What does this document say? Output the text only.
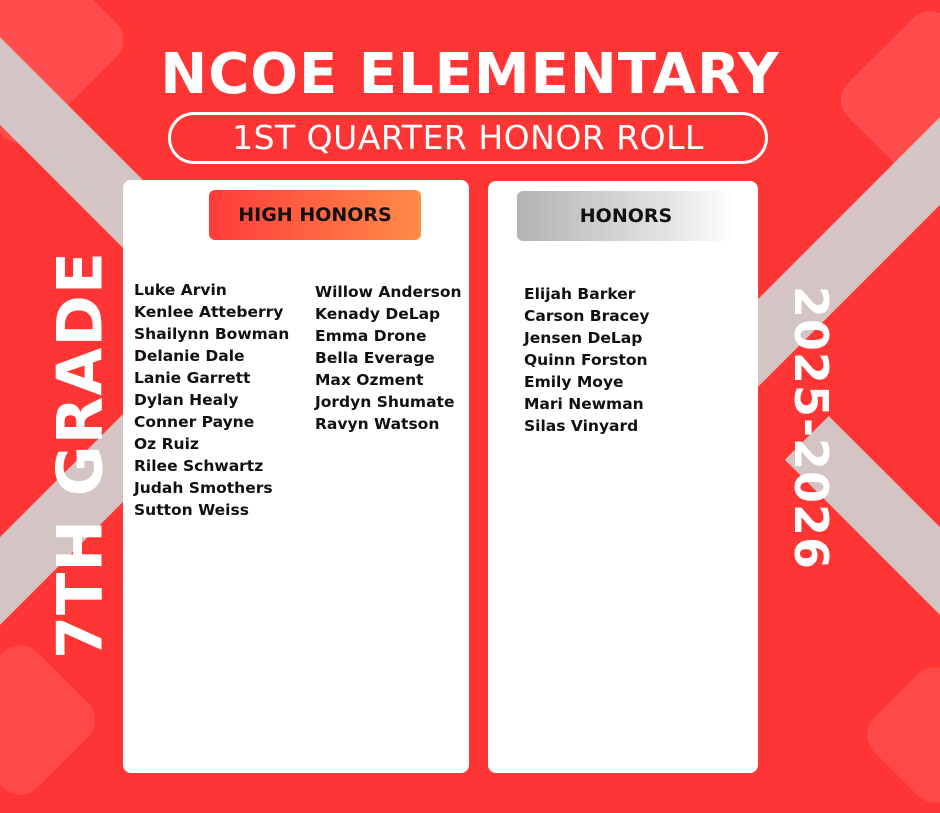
NCOE ELEMENTARY
1ST QUARTER HONOR ROLL
7TH GRADE	2025-2026
HIGH HONORS	HONORS
Luke Arvin
Kenlee Atteberry
Shailynn Bowman
Delanie Dale
Lanie Garrett
Dylan Healy
Conner Payne
Oz Ruiz
Rilee Schwartz
Judah Smothers
Sutton Weiss
Willow Anderson
Kenady DeLap
Emma Drone
Bella Everage
Max Ozment
Jordyn Shumate
Ravyn Watson
Elijah Barker
Carson Bracey
Jensen DeLap
Quinn Forston
Emily Moye
Mari Newman
Silas Vinyard
